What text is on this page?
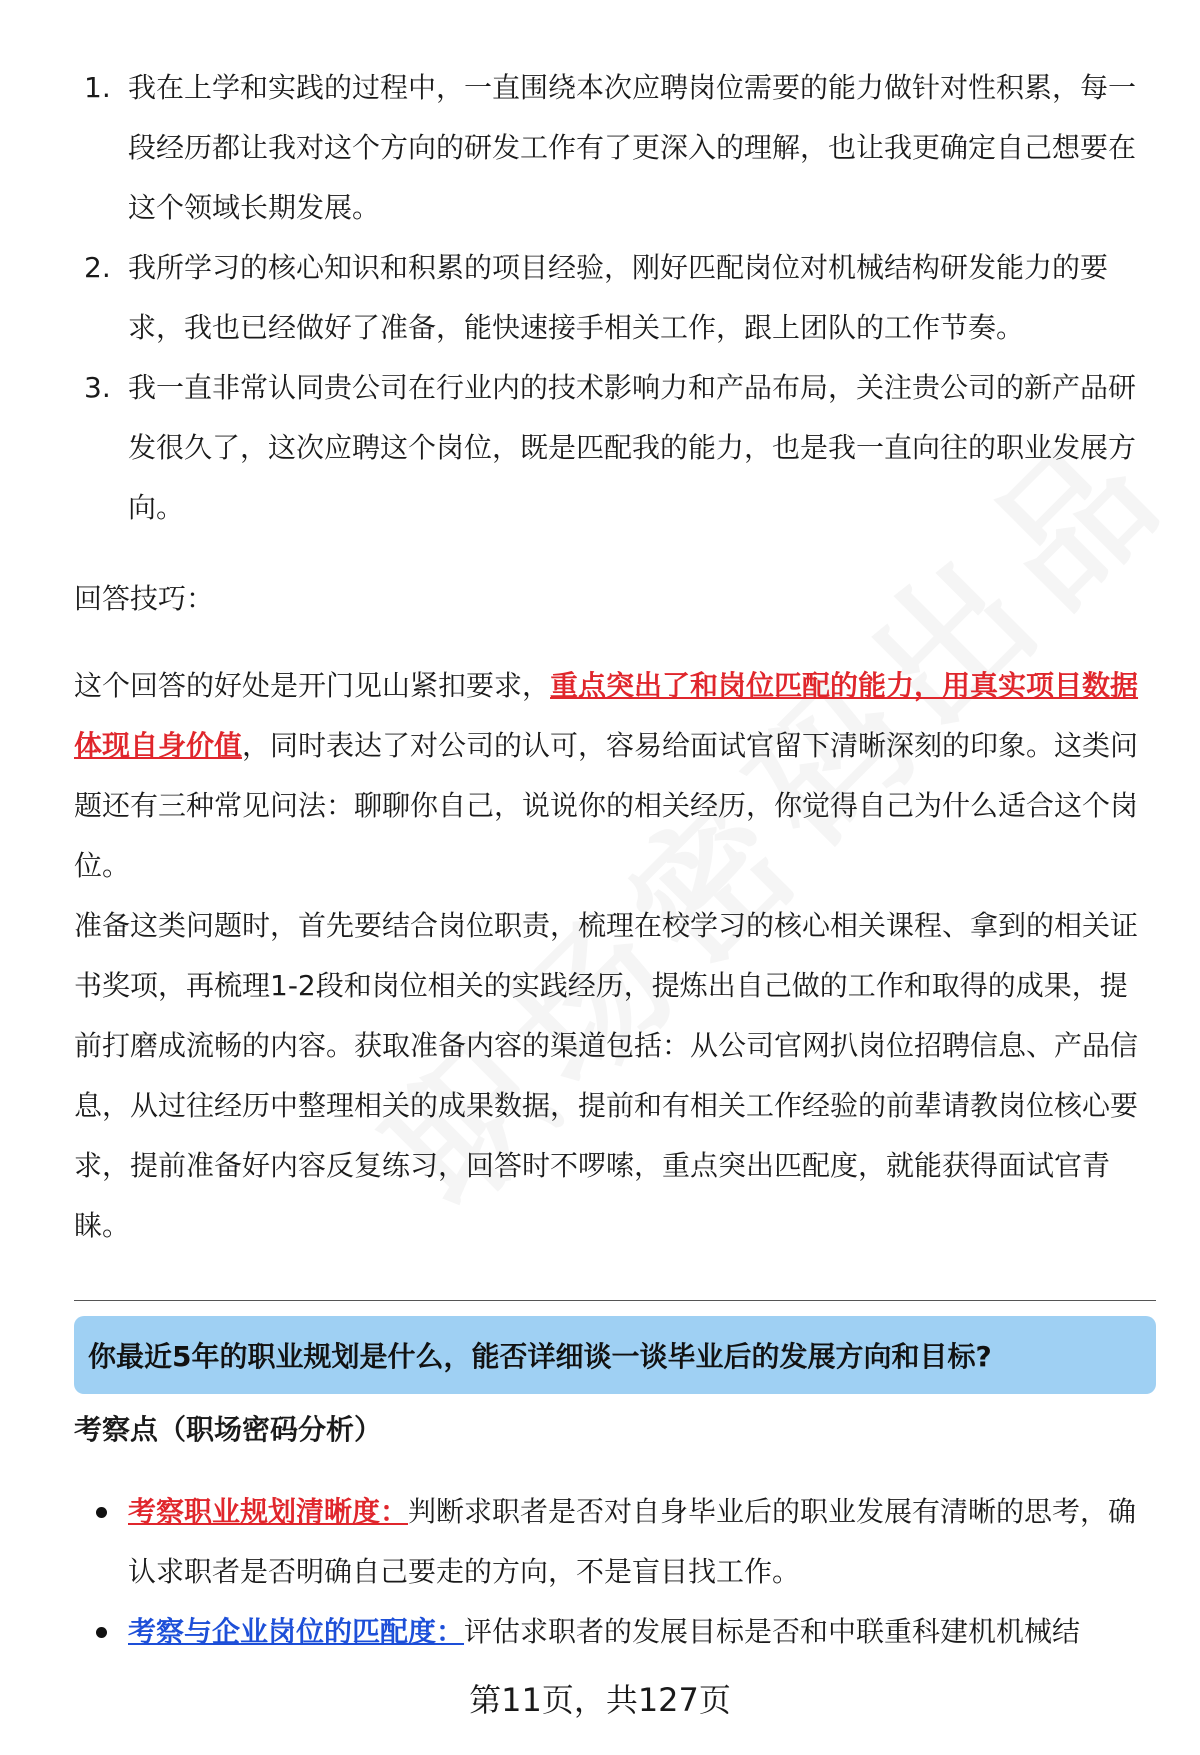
1. 我在上学和实践的过程中，一直围绕本次应聘岗位需要的能力做针对性积累，每一段经历都让我对这个方向的研发工作有了更深入的理解，也让我更确定自己想要在这个领域长期发展。
2. 我所学习的核心知识和积累的项目经验，刚好匹配岗位对机械结构研发能力的要求，我也已经做好了准备，能快速接手相关工作，跟上团队的工作节奏。
3. 我一直非常认同贵公司在行业内的技术影响力和产品布局，关注贵公司的新产品研发很久了，这次应聘这个岗位，既是匹配我的能力，也是我一直向往的职业发展方向。

回答技巧：

这个回答的好处是开门见山紧扣要求，重点突出了和岗位匹配的能力，用真实项目数据体现自身价值，同时表达了对公司的认可，容易给面试官留下清晰深刻的印象。这类问题还有三种常见问法：聊聊你自己，说说你的相关经历，你觉得自己为什么适合这个岗位。

准备这类问题时，首先要结合岗位职责，梳理在校学习的核心相关课程、拿到的相关证书奖项，再梳理1-2段和岗位相关的实践经历，提炼出自己做的工作和取得的成果，提前打磨成流畅的内容。获取准备内容的渠道包括：从公司官网扒岗位招聘信息、产品信息，从过往经历中整理相关的成果数据，提前和有相关工作经验的前辈请教岗位核心要求，提前准备好内容反复练习，回答时不啰嗦，重点突出匹配度，就能获得面试官青睐。

你最近5年的职业规划是什么，能否详细谈一谈毕业后的发展方向和目标?

考察点（职场密码分析）

考察职业规划清晰度：判断求职者是否对自身毕业后的职业发展有清晰的思考，确认求职者是否明确自己要走的方向，不是盲目找工作。
考察与企业岗位的匹配度：评估求职者的发展目标是否和中联重科建机机械结
第11页，共127页
